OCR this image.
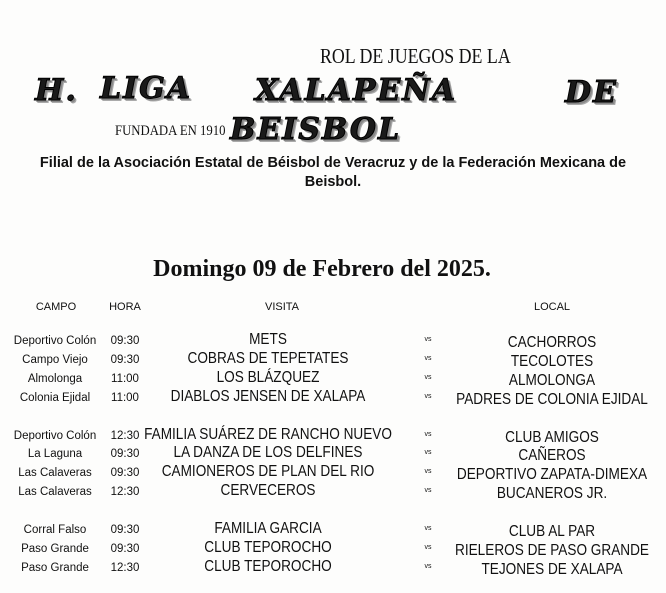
ROL DE JUEGOS DE LA
H. LIGA XALAPEÑA	DE
BEISBOL
FUNDADA EN 1910
Filial de la Asociación Estatal de Béisbol de Veracruz y de la Federación Mexicana de
Beisbol.
Domingo 09 de Febrero del 2025.
CAMPO	HORA	VISITA	LOCAL
Deportivo Colón 09:30	METS	vs	CACHORROS
Campo Viejo 09:30	COBRAS DE TEPETATES	vs	TECOLOTES
Almolonga	11:00	LOS BLÁZQUEZ	vs	ALMOLONGA
Colonia Ejidal 11:00 DIABLOS JENSEN DE XALAPA	vs PADRES DE COLONIA EJIDAL
Deportivo Colón 12:30 FAMILIA SUÁREZ DE RANCHO NUEVO	vs	CLUB AMIGOS
La Laguna 09:30 LA DANZA DE LOS DELFINES	vs	CAÑEROS
Las Calaveras 09:30 CAMIONEROS DE PLAN DEL RIO	vs DEPORTIVO ZAPATA-DIMEXA
Las Calaveras 12:30	CERVECEROS	vs	BUCANEROS JR.
Corral Falso 09:30	FAMILIA GARCIA	vs	CLUB AL PAR
Paso Grande 09:30	CLUB TEPOROCHO	vs RIELEROS DE PASO GRANDE
Paso Grande 12:30	CLUB TEPOROCHO	vs	TEJONES DE XALAPA
